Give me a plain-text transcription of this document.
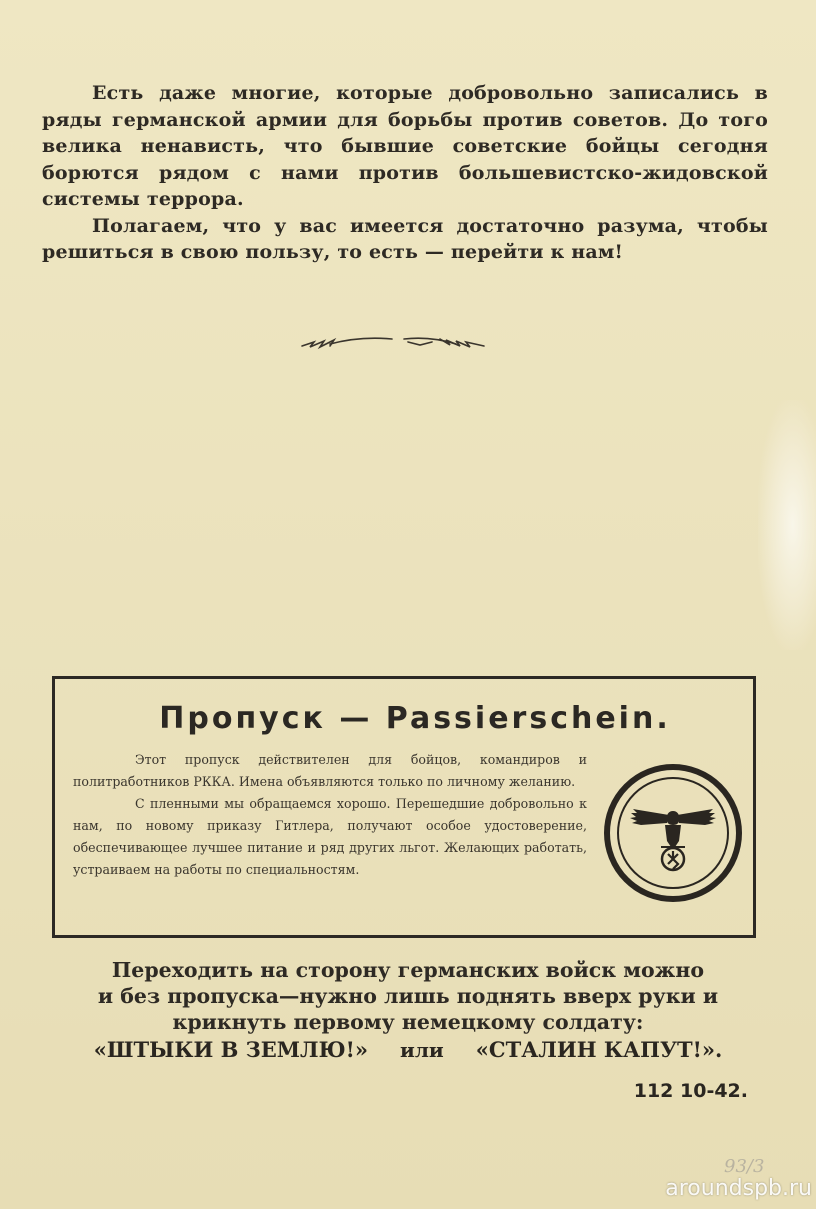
Есть даже многие, которые добровольно записались в ряды германской армии для борьбы против советов. До того велика ненависть, что бывшие советские бойцы сегодня борются рядом с нами против большевистско-жидовской системы террора.

Полагаем, что у вас имеется достаточно разума, чтобы решиться в свою пользу, то есть — перейти к нам!

Пропуск — Passierschein.

Этот пропуск действителен для бойцов, командиров и политработников РККА. Имена объявляются только по личному желанию.

С пленными мы обращаемся хорошо. Перешедшие добровольно к нам, по новому приказу Гитлера, получают особое удостоверение, обеспечивающее лучшее питание и ряд других льгот. Желающих работать, устраиваем на работы по специальностям.

Переходить на сторону германских войск можно
и без пропуска—нужно лишь поднять вверх руки и
крикнуть первому немецкому солдату:
«ШТЫКИ В ЗЕМЛЮ!» или «СТАЛИН КАПУТ!».
112 10-42.
93/3
aroundspb.ru
